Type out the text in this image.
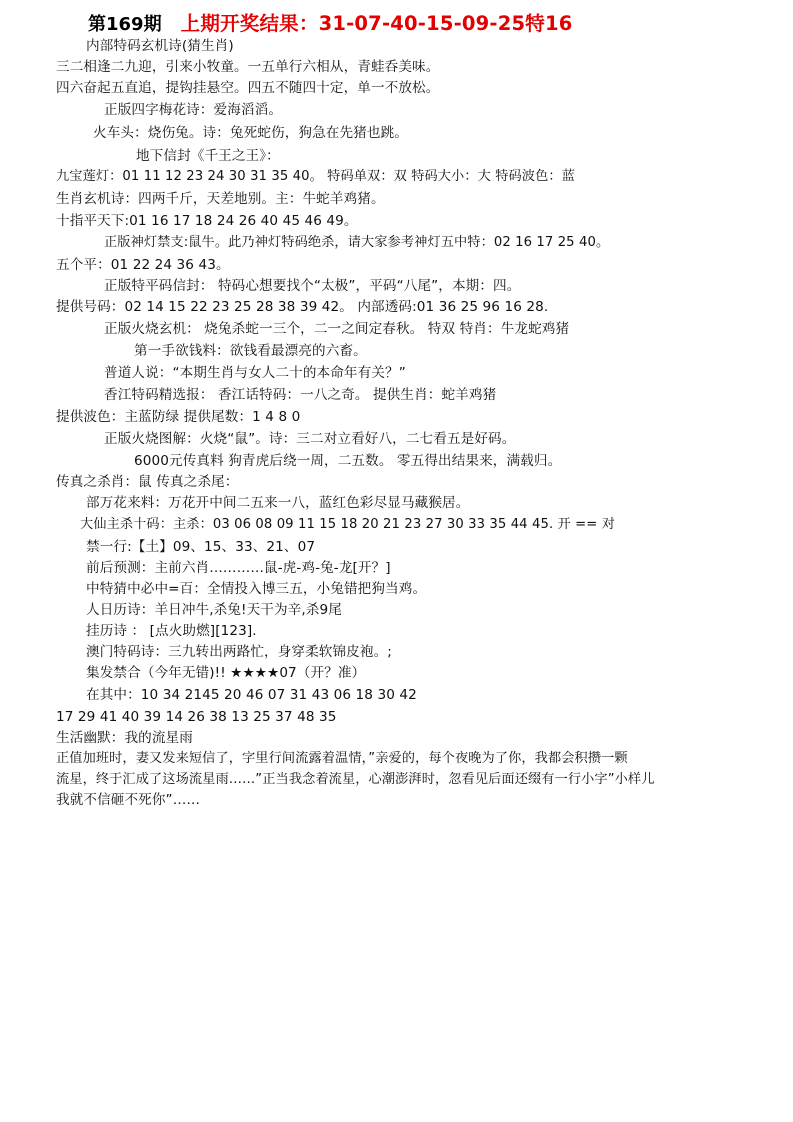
第169期 上期开奖结果：31-07-40-15-09-25特16
内部特码玄机诗(猜生肖)
三二相逢二九迎，引来小牧童。一五单行六相从，青蛙呑美味。
四六奋起五直追，提钩挂悬空。四五不随四十定，单一不放松。
正版四字梅花诗：爱海滔滔。
火车头：烧伤兔。诗：兔死蛇伤，狗急在先猪也跳。
地下信封《千王之王》：
九宝莲灯：01 11 12 23 24 30 31 35 40。 特码单双：双 特码大小：大 特码波色：蓝
生肖玄机诗：四两千斤，天差地别。主：牛蛇羊鸡猪。
十指平天下:01 16 17 18 24 26 40 45 46 49。
正版神灯禁支:鼠牛。此乃神灯特码绝杀，请大家参考神灯五中特：02 16 17 25 40。
五个平：01 22 24 36 43。
正版特平码信封： 特码心想要找个“太极”，平码“八尾”，本期：四。
提供号码：02 14 15 22 23 25 28 38 39 42。 内部透码:01 36 25 96 16 28.
正版火烧玄机： 烧兔杀蛇一三个，二一之间定春秋。 特双 特肖：牛龙蛇鸡猪
第一手欲钱料：欲钱看最漂亮的六畜。
普道人说：“本期生肖与女人二十的本命年有关？”
香江特码精选报： 香江话特码：一八之奇。 提供生肖：蛇羊鸡猪
提供波色：主蓝防绿 提供尾数：1 4 8 0
正版火烧图解：火烧“鼠”。诗：三二对立看好八，二七看五是好码。
6000元传真料 狗青虎后绕一周，二五数。 零五得出结果来，满载归。
传真之杀肖：鼠 传真之杀尾：
部万花来料：万花开中间二五来一八，蓝红色彩尽显马藏猴居。
大仙主杀十码：主杀：03 06 08 09 11 15 18 20 21 23 27 30 33 35 44 45. 开 == 对
禁一行:【土】09、15、33、21、07
前后预测：主前六肖…………鼠-虎-鸡-兔-龙[开？]
中特猜中必中=百：全情投入博三五，小兔错把狗当鸡。
人日历诗：羊日冲牛,杀兔!天干为辛,杀9尾
挂历诗 ： [点火助燃][123].
澳门特码诗：三九转出两路忙，身穿柔软锦皮袍。;
集发禁合（今年无错)!! ★★★★07（开？准）
在其中：10 34 2145 20 46 07 31 43 06 18 30 42
17 29 41 40 39 14 26 38 13 25 37 48 35
生活幽默：我的流星雨
正值加班时，妻又发来短信了，字里行间流露着温情，”亲爱的，每个夜晚为了你，我都会积攒一颗
流星，终于汇成了这场流星雨……”正当我念着流星，心潮澎湃时，忽看见后面还缀有一行小字”小样儿
我就不信砸不死你”……
